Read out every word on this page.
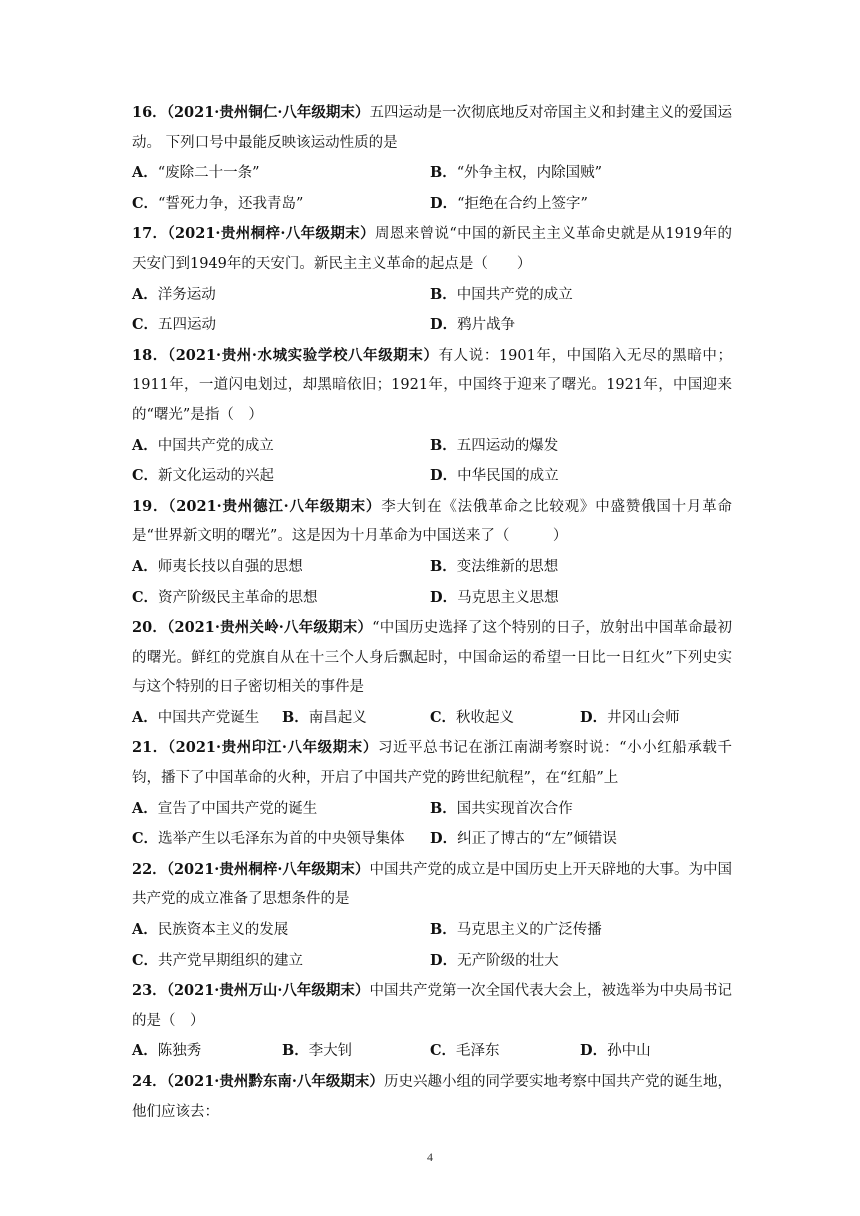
16．（2021·贵州铜仁·八年级期末）五四运动是一次彻底地反对帝国主义和封建主义的爱国运动。 下列口号中最能反映该运动性质的是
A．“废除二十一条”	B．“外争主权，内除国贼”
C．“誓死力争，还我青岛”	D．“拒绝在合约上签字”
17．（2021·贵州桐梓·八年级期末）周恩来曾说“中国的新民主主义革命史就是从1919年的天安门到1949年的天安门。新民主主义革命的起点是（　　）
A．洋务运动	B．中国共产党的成立
C．五四运动	D．鸦片战争
18．（2021·贵州·水城实验学校八年级期末）有人说：1901年，中国陷入无尽的黑暗中；1911年，一道闪电划过，却黑暗依旧；1921年，中国终于迎来了曙光。1921年，中国迎来的“曙光”是指（　）
A．中国共产党的成立	B．五四运动的爆发
C．新文化运动的兴起	D．中华民国的成立
19．（2021·贵州德江·八年级期末）李大钊在《法俄革命之比较观》中盛赞俄国十月革命是“世界新文明的曙光”。这是因为十月革命为中国送来了（　　　）
A．师夷长技以自强的思想	B．变法维新的思想
C．资产阶级民主革命的思想	D．马克思主义思想
20．（2021·贵州关岭·八年级期末）“中国历史选择了这个特别的日子，放射出中国革命最初的曙光。鲜红的党旗自从在十三个人身后飘起时，中国命运的希望一日比一日红火”下列史实与这个特别的日子密切相关的事件是
A．中国共产党诞生	B．南昌起义	C．秋收起义	D．井冈山会师
21．（2021·贵州印江·八年级期末）习近平总书记在浙江南湖考察时说：“小小红船承载千钧，播下了中国革命的火种，开启了中国共产党的跨世纪航程”，在“红船”上
A．宣告了中国共产党的诞生	B．国共实现首次合作
C．选举产生以毛泽东为首的中央领导集体	D．纠正了博古的“左”倾错误
22．（2021·贵州桐梓·八年级期末）中国共产党的成立是中国历史上开天辟地的大事。为中国共产党的成立准备了思想条件的是
A．民族资本主义的发展	B．马克思主义的广泛传播
C．共产党早期组织的建立	D．无产阶级的壮大
23．（2021·贵州万山·八年级期末）中国共产党第一次全国代表大会上，被选举为中央局书记的是（　）
A．陈独秀	B．李大钊	C．毛泽东	D．孙中山
24．（2021·贵州黔东南·八年级期末）历史兴趣小组的同学要实地考察中国共产党的诞生地，他们应该去：
4
